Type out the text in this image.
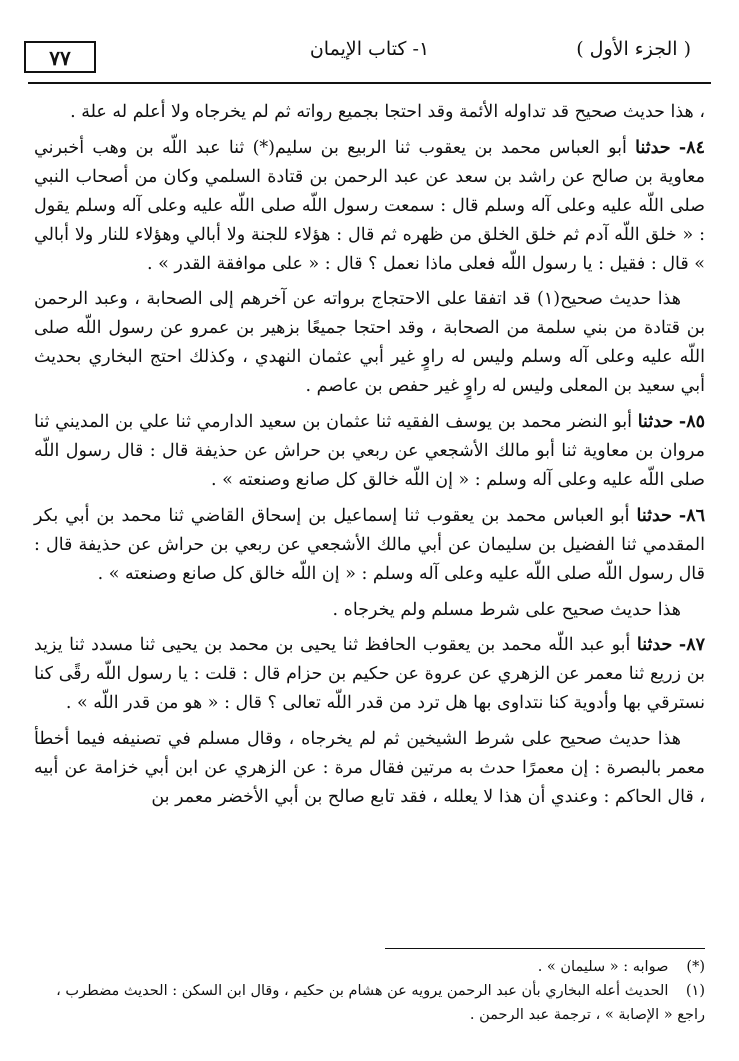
( الجزء الأول )
١- كتاب الإيمان
٧٧

، هذا حديث صحيح قد تداوله الأئمة وقد احتجا بجميع رواته ثم لم يخرجاه ولا أعلم له علة .

٨٤- حدثنا أبو العباس محمد بن يعقوب ثنا الربيع بن سليم(*) ثنا عبد اللّه بن وهب أخبرني معاوية بن صالح عن راشد بن سعد عن عبد الرحمن بن قتادة السلمي وكان من أصحاب النبي صلى اللّه عليه وعلى آله وسلم قال : سمعت رسول اللّه صلى اللّه عليه وعلى آله وسلم يقول : « خلق اللّه آدم ثم خلق الخلق من ظهره ثم قال : هؤلاء للجنة ولا أبالي وهؤلاء للنار ولا أبالي » قال : فقيل : يا رسول اللّه فعلى ماذا نعمل ؟ قال : « على موافقة القدر » .

هذا حديث صحيح(١) قد اتفقا على الاحتجاج برواته عن آخرهم إلى الصحابة ، وعبد الرحمن بن قتادة من بني سلمة من الصحابة ، وقد احتجا جميعًا بزهير بن عمرو عن رسول اللّه صلى اللّه عليه وعلى آله وسلم وليس له راوٍ غير أبي عثمان النهدي ، وكذلك احتج البخاري بحديث أبي سعيد بن المعلى وليس له راوٍ غير حفص بن عاصم .

٨٥- حدثنا أبو النضر محمد بن يوسف الفقيه ثنا عثمان بن سعيد الدارمي ثنا علي بن المديني ثنا مروان بن معاوية ثنا أبو مالك الأشجعي عن ربعي بن حراش عن حذيفة قال : قال رسول اللّه صلى اللّه عليه وعلى آله وسلم : « إن اللّه خالق كل صانع وصنعته » .

٨٦- حدثنا أبو العباس محمد بن يعقوب ثنا إسماعيل بن إسحاق القاضي ثنا محمد بن أبي بكر المقدمي ثنا الفضيل بن سليمان عن أبي مالك الأشجعي عن ربعي بن حراش عن حذيفة قال : قال رسول اللّه صلى اللّه عليه وعلى آله وسلم : « إن اللّه خالق كل صانع وصنعته » .

هذا حديث صحيح على شرط مسلم ولم يخرجاه .

٨٧- حدثنا أبو عبد اللّه محمد بن يعقوب الحافظ ثنا يحيى بن محمد بن يحيى ثنا مسدد ثنا يزيد بن زريع ثنا معمر عن الزهري عن عروة عن حكيم بن حزام قال : قلت : يا رسول اللّه رقًى كنا نسترقي بها وأدوية كنا نتداوى بها هل ترد من قدر اللّه تعالى ؟ قال : « هو من قدر اللّه » .

هذا حديث صحيح على شرط الشيخين ثم لم يخرجاه ، وقال مسلم في تصنيفه فيما أخطأ معمر بالبصرة : إن معمرًا حدث به مرتين فقال مرة : عن الزهري عن ابن أبي خزامة عن أبيه ، قال الحاكم : وعندي أن هذا لا يعلله ، فقد تابع صالح بن أبي الأخضر معمر بن

(*) صوابه : « سليمان » .

(١) الحديث أعله البخاري بأن عبد الرحمن يرويه عن هشام بن حكيم ، وقال ابن السكن : الحديث مضطرب ، راجع « الإصابة » ، ترجمة عبد الرحمن .
